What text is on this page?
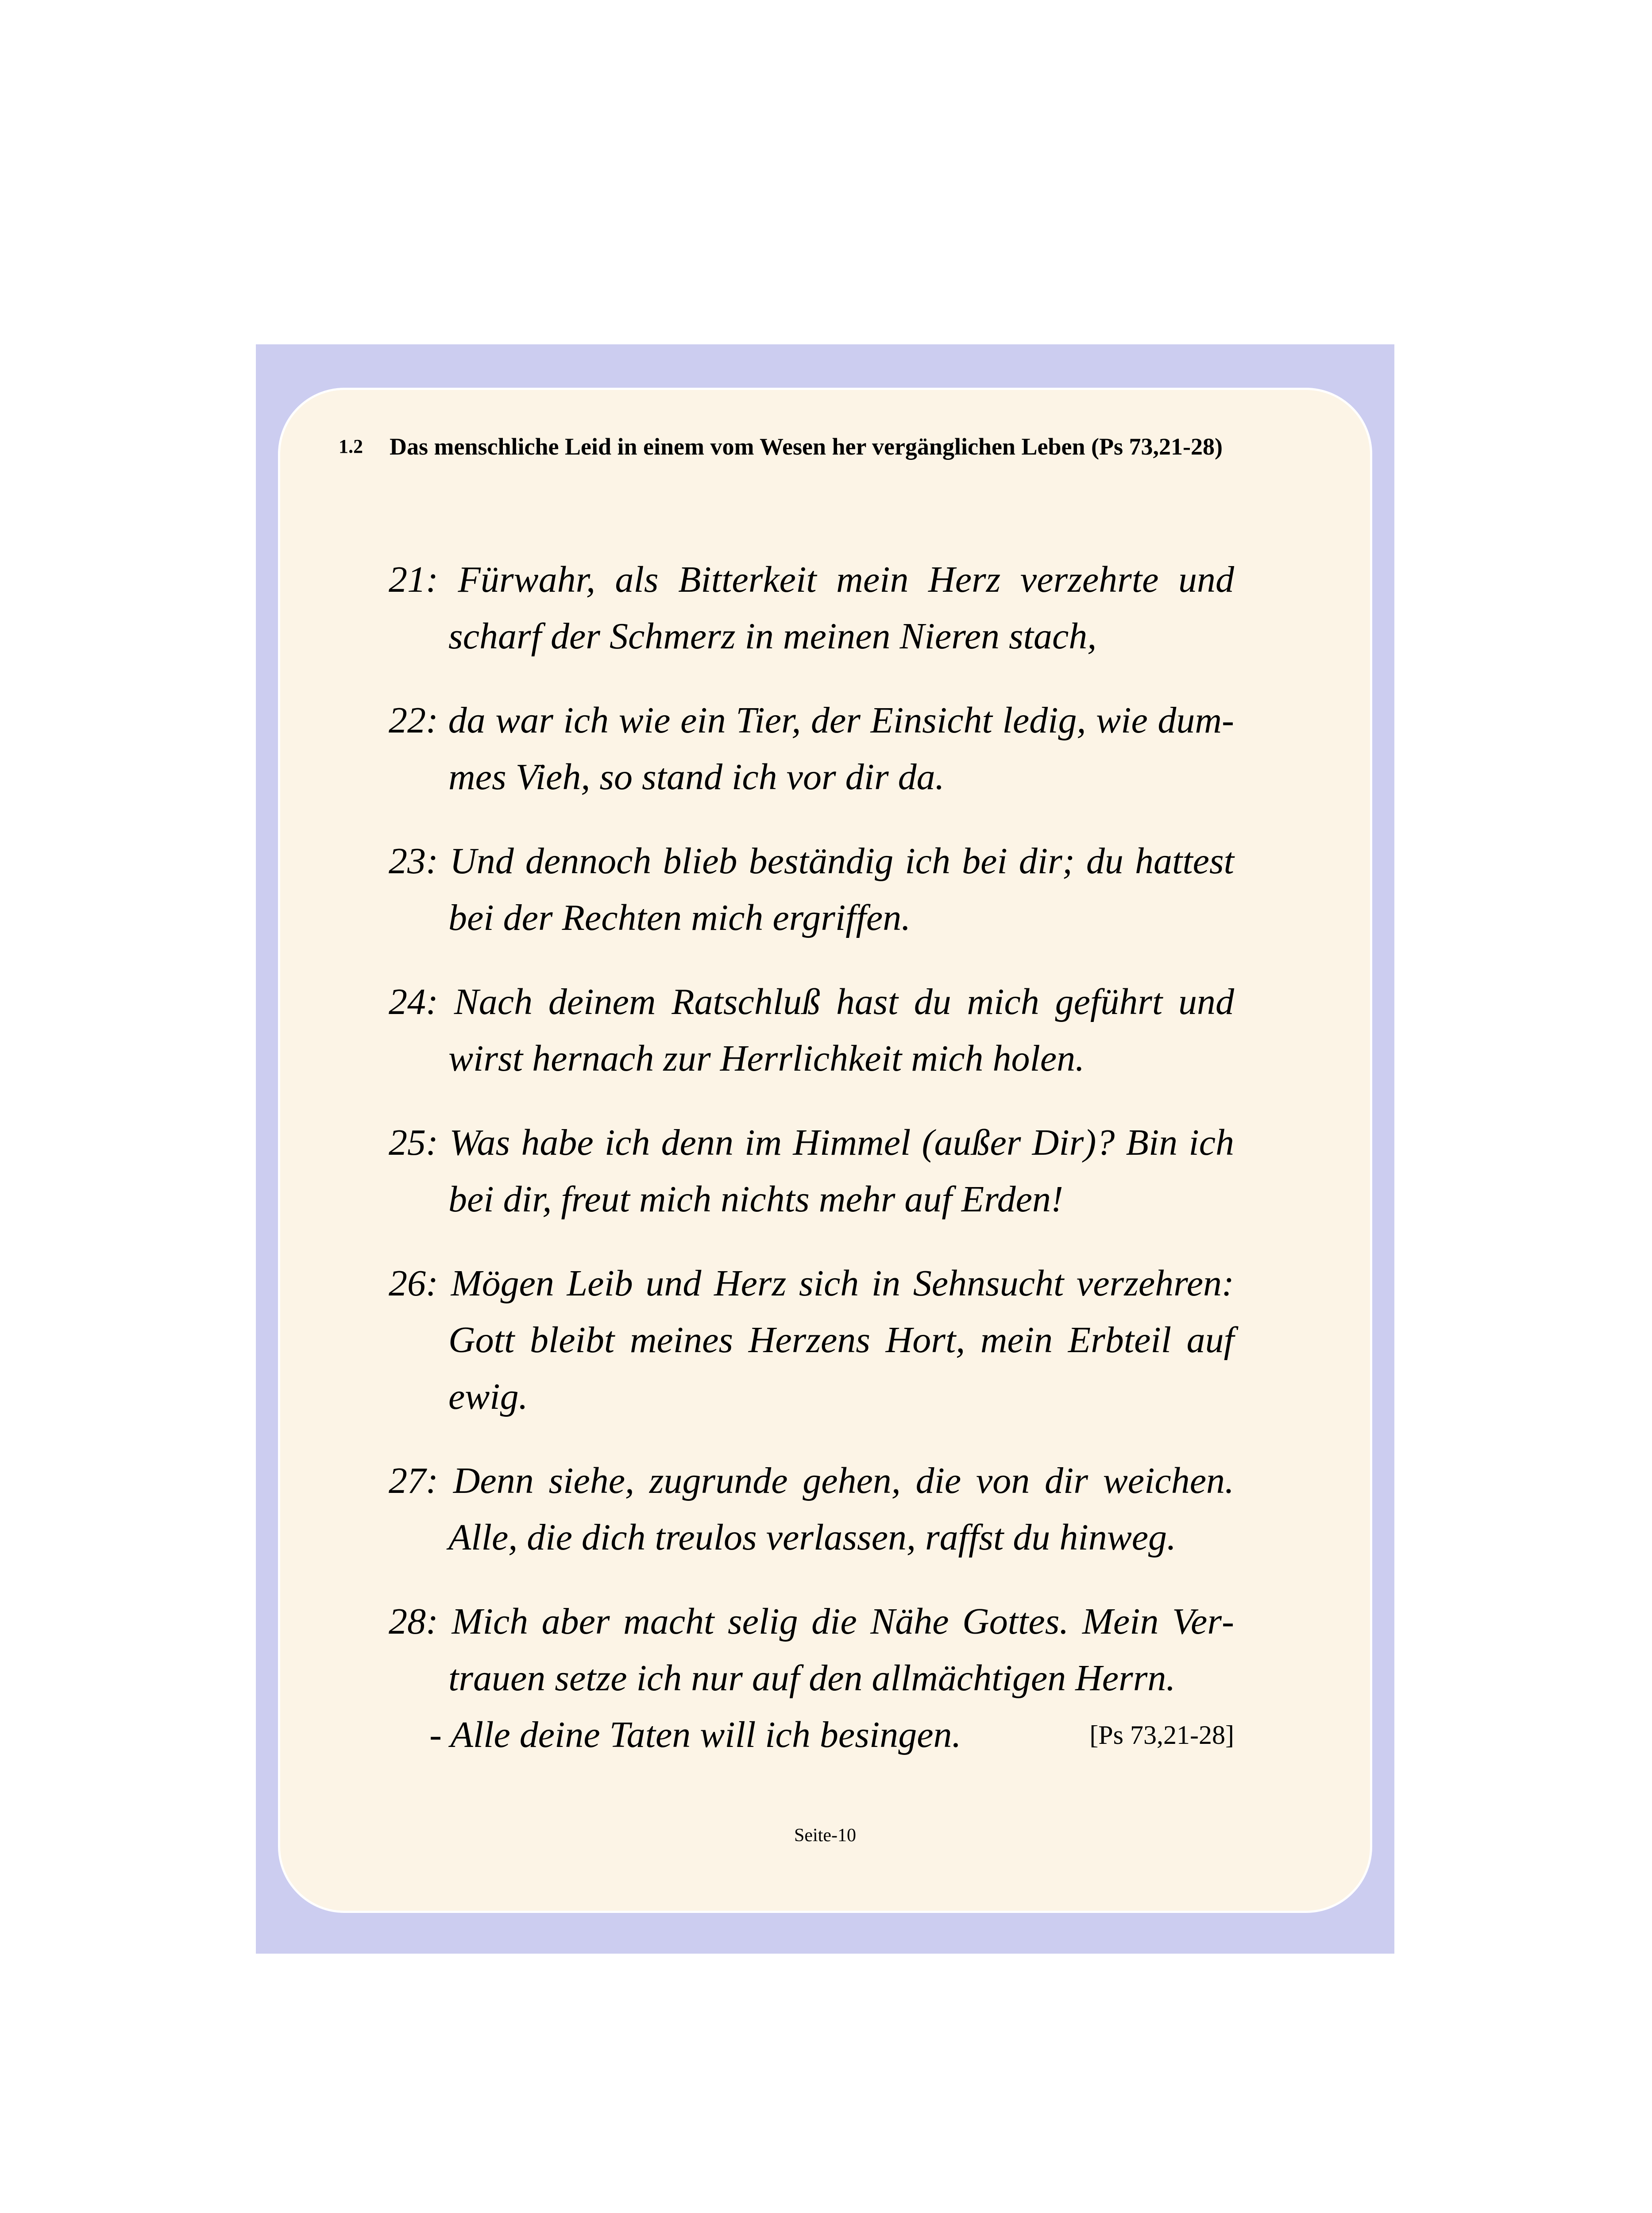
1.2 Das menschliche Leid in einem vom Wesen her vergänglichen Leben (Ps 73,21-28)

21: Fürwahr, als Bitterkeit mein Herz verzehrte und scharf der Schmerz in meinen Nieren stach,

22: da war ich wie ein Tier, der Einsicht ledig, wie dummes Vieh, so stand ich vor dir da.

23: Und dennoch blieb beständig ich bei dir; du hattest bei der Rechten mich ergriffen.

24: Nach deinem Ratschluß hast du mich geführt und wirst hernach zur Herrlichkeit mich holen.

25: Was habe ich denn im Himmel (außer Dir)? Bin ich bei dir, freut mich nichts mehr auf Erden!

26: Mögen Leib und Herz sich in Sehnsucht verzehren: Gott bleibt meines Herzens Hort, mein Erbteil auf ewig.

27: Denn siehe, zugrunde gehen, die von dir weichen. Alle, die dich treulos verlassen, raffst du hinweg.

28: Mich aber macht selig die Nähe Gottes. Mein Vertrauen setze ich nur auf den allmächtigen Herrn.

- Alle deine Taten will ich besingen.	[Ps 73,21-28]
Seite-10
